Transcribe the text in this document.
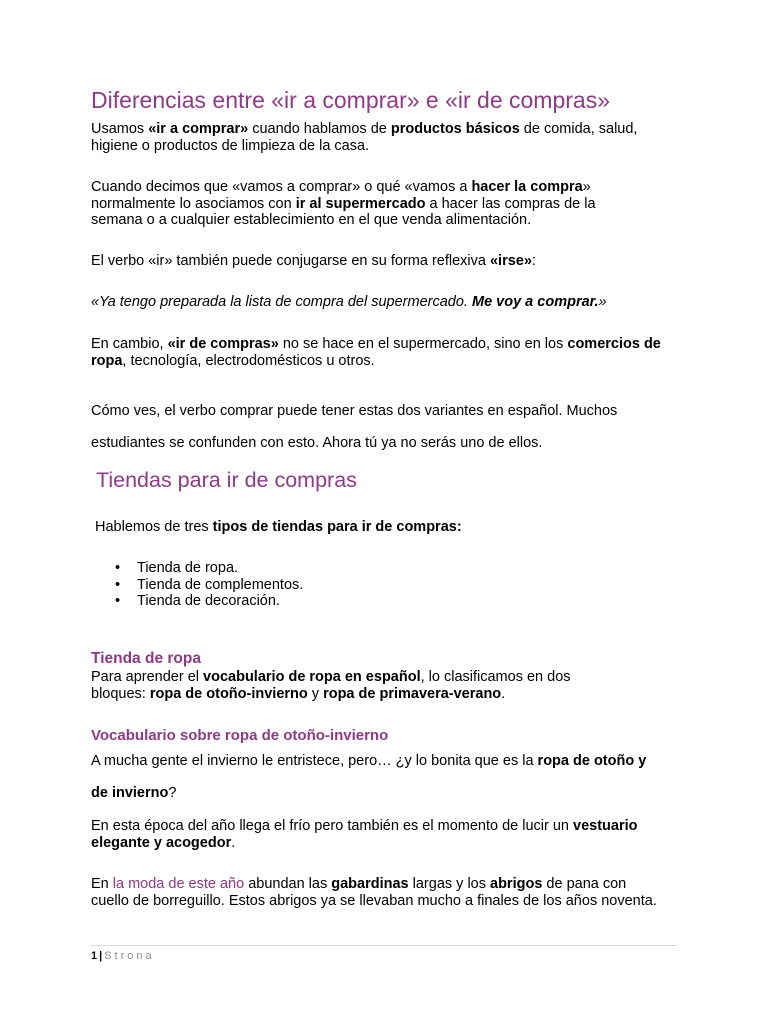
Diferencias entre «ir a comprar» e «ir de compras»

Usamos «ir a comprar» cuando hablamos de productos básicos de comida, salud,
higiene o productos de limpieza de la casa.

Cuando decimos que «vamos a comprar» o qué «vamos a hacer la compra»
normalmente lo asociamos con ir al supermercado a hacer las compras de la
semana o a cualquier establecimiento en el que venda alimentación.

El verbo «ir» también puede conjugarse en su forma reflexiva «irse»:

«Ya tengo preparada la lista de compra del supermercado. Me voy a comprar.»

En cambio, «ir de compras» no se hace en el supermercado, sino en los comercios de
ropa, tecnología, electrodomésticos u otros.

Cómo ves, el verbo comprar puede tener estas dos variantes en español. Muchos
estudiantes se confunden con esto. Ahora tú ya no serás uno de ellos.

Tiendas para ir de compras

Hablemos de tres tipos de tiendas para ir de compras:

• Tienda de ropa.
• Tienda de complementos.
• Tienda de decoración.
Tienda de ropa

Para aprender el vocabulario de ropa en español, lo clasificamos en dos
bloques: ropa de otoño-invierno y ropa de primavera-verano.

Vocabulario sobre ropa de otoño-invierno

A mucha gente el invierno le entristece, pero… ¿y lo bonita que es la ropa de otoño y
de invierno?

En esta época del año llega el frío pero también es el momento de lucir un vestuario
elegante y acogedor.

En la moda de este año abundan las gabardinas largas y los abrigos de pana con
cuello de borreguillo. Estos abrigos ya se llevaban mucho a finales de los años noventa.

1 | Strona
